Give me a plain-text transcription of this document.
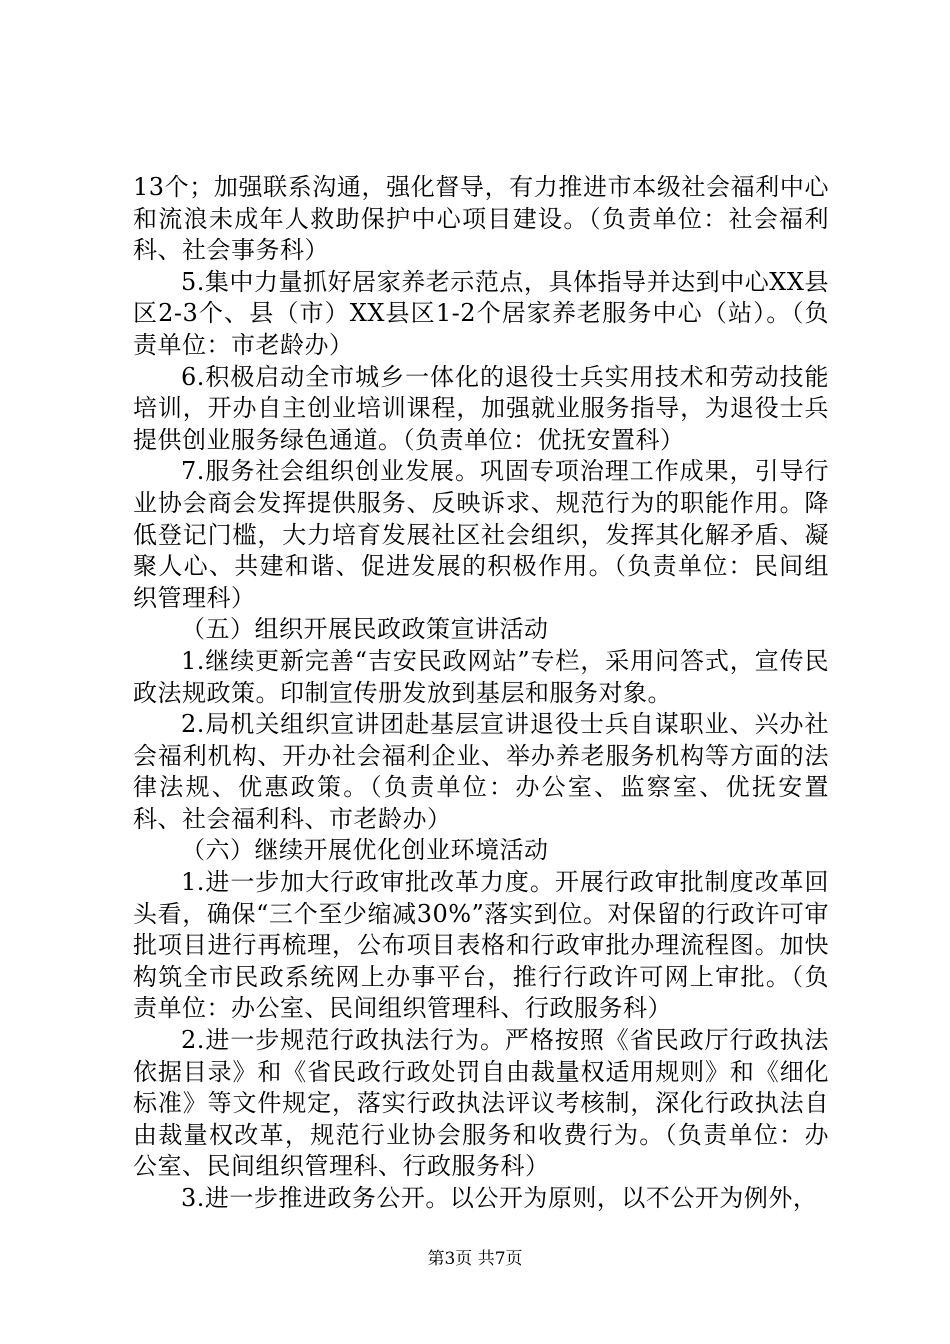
13个；加强联系沟通，强化督导，有力推进市本级社会福利中心和流浪未成年人救助保护中心项目建设。（负责单位：社会福利科、社会事务科）

5.集中力量抓好居家养老示范点，具体指导并达到中心XX县区2-3个、县（市）XX县区1-2个居家养老服务中心（站）。（负责单位：市老龄办）

6.积极启动全市城乡一体化的退役士兵实用技术和劳动技能培训，开办自主创业培训课程，加强就业服务指导，为退役士兵提供创业服务绿色通道。（负责单位：优抚安置科）

7.服务社会组织创业发展。巩固专项治理工作成果，引导行业协会商会发挥提供服务、反映诉求、规范行为的职能作用。降低登记门槛，大力培育发展社区社会组织，发挥其化解矛盾、凝聚人心、共建和谐、促进发展的积极作用。（负责单位：民间组织管理科）

（五）组织开展民政政策宣讲活动

1.继续更新完善“吉安民政网站”专栏，采用问答式，宣传民政法规政策。印制宣传册发放到基层和服务对象。

2.局机关组织宣讲团赴基层宣讲退役士兵自谋职业、兴办社会福利机构、开办社会福利企业、举办养老服务机构等方面的法律法规、优惠政策。（负责单位：办公室、监察室、优抚安置科、社会福利科、市老龄办）

（六）继续开展优化创业环境活动

1.进一步加大行政审批改革力度。开展行政审批制度改革回头看，确保“三个至少缩减30%”落实到位。对保留的行政许可审批项目进行再梳理，公布项目表格和行政审批办理流程图。加快构筑全市民政系统网上办事平台，推行行政许可网上审批。（负责单位：办公室、民间组织管理科、行政服务科）

2.进一步规范行政执法行为。严格按照《省民政厅行政执法依据目录》和《省民政行政处罚自由裁量权适用规则》和《细化标准》等文件规定，落实行政执法评议考核制，深化行政执法自由裁量权改革，规范行业协会服务和收费行为。（负责单位：办公室、民间组织管理科、行政服务科）

3.进一步推进政务公开。以公开为原则，以不公开为例外，

第3页 共7页
